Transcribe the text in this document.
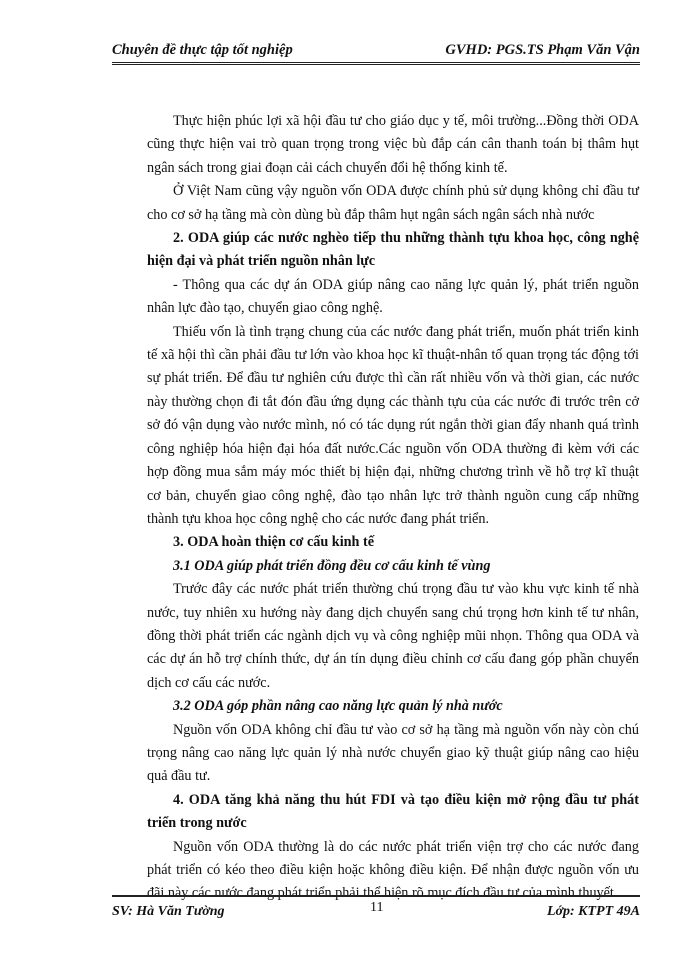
Chuyên đề thực tập tốt nghiệp	GVHD: PGS.TS Phạm Văn Vận

Thực hiện phúc lợi xã hội đầu tư cho giáo dục y tế, môi trường...Đồng thời ODA cũng thực hiện vai trò quan trọng trong việc bù đắp cán cân thanh toán bị thâm hụt ngân sách trong giai đoạn cải cách chuyển đổi hệ thống kinh tế.

Ở Việt Nam cũng vậy nguồn vốn ODA được chính phủ sử dụng không chỉ đầu tư cho cơ sở hạ tầng mà còn dùng bù đắp thâm hụt ngân sách ngân sách nhà nước

2. ODA giúp các nước nghèo tiếp thu những thành tựu khoa học, công nghệ hiện đại và phát triển nguồn nhân lực

- Thông qua các dự án ODA giúp nâng cao năng lực quản lý, phát triển nguồn nhân lực đào tạo, chuyển giao công nghệ.

Thiếu vốn là tình trạng chung của các nước đang phát triển, muốn phát triển kinh tế xã hội thì cần phải đầu tư lớn vào khoa học kĩ thuật-nhân tố quan trọng tác động tới sự phát triển. Để đầu tư nghiên cứu được thì cần rất nhiều vốn và thời gian, các nước này thường chọn đi tắt đón đầu ứng dụng các thành tựu của các nước đi trước trên cở sở đó vận dụng vào nước mình, nó có tác dụng rút ngắn thời gian đẩy nhanh quá trình công nghiệp hóa hiện đại hóa đất nước.Các nguồn vốn ODA thường đi kèm với các hợp đồng mua sắm máy móc thiết bị hiện đại, những chương trình về hỗ trợ kĩ thuật cơ bản, chuyển giao công nghệ, đào tạo nhân lực trở thành nguồn cung cấp những thành tựu khoa học công nghệ cho các nước đang phát triển.

3. ODA hoàn thiện cơ cấu kinh tế

3.1 ODA giúp phát triển đồng đều cơ cấu kinh tế vùng

Trước đây các nước phát triển thường chú trọng đầu tư vào khu vực kinh tế nhà nước, tuy nhiên xu hướng này đang dịch chuyển sang chú trọng hơn kinh tế tư nhân, đồng thời phát triển các ngành dịch vụ và công nghiệp mũi nhọn. Thông qua ODA và các dự án hỗ trợ chính thức, dự án tín dụng điều chỉnh cơ cấu đang góp phần chuyển dịch cơ cấu các nước.

3.2 ODA góp phần nâng cao năng lực quản lý nhà nước

Nguồn vốn ODA không chỉ đầu tư vào cơ sở hạ tầng mà nguồn vốn này còn chú trọng nâng cao năng lực quản lý nhà nước chuyển giao kỹ thuật giúp nâng cao hiệu quả đầu tư.

4. ODA tăng khả năng thu hút FDI và tạo điều kiện mở rộng đầu tư phát triển trong nước

Nguồn vốn ODA thường là do các nước phát triển viện trợ cho các nước đang phát triển có kéo theo điều kiện hoặc không điều kiện. Để nhận được nguồn vốn ưu đãi này các nước đang phát triển phải thể hiện rõ mục đích đầu tư của mình thuyết

SV: Hà Văn Tường	11	Lớp: KTPT 49A
